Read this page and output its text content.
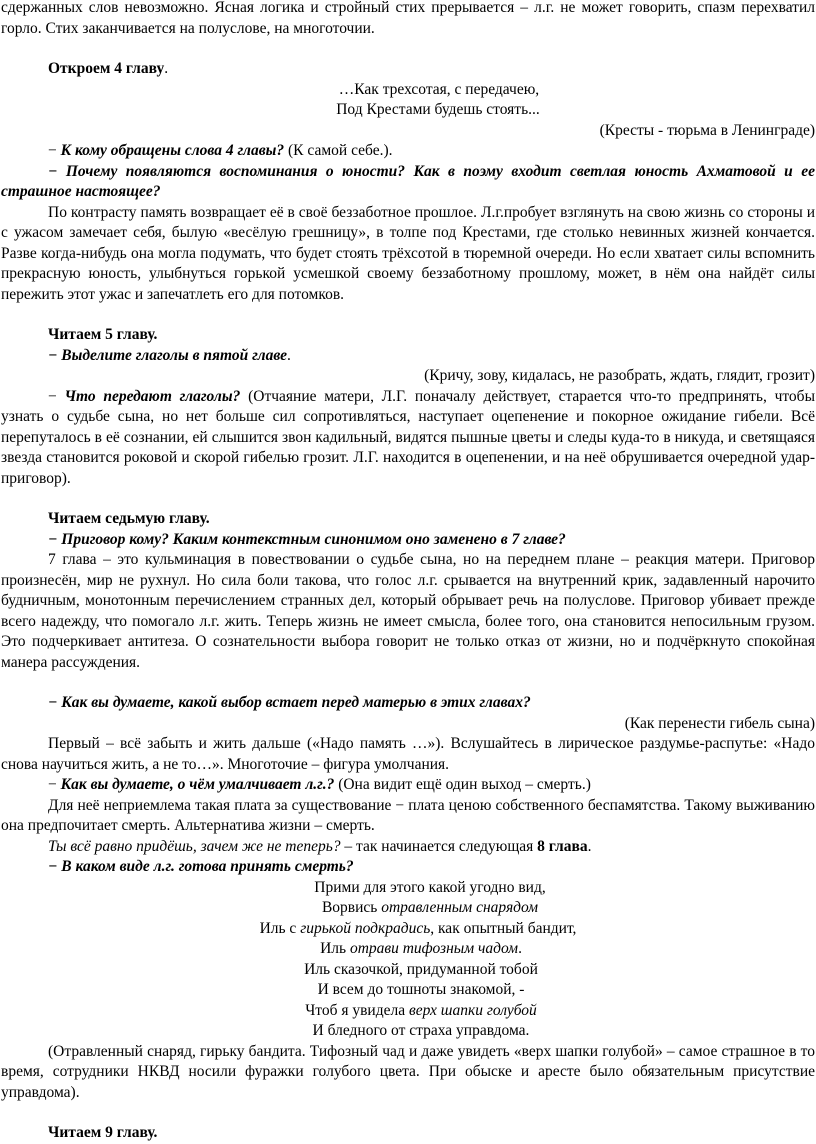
сдержанных слов невозможно. Ясная логика и стройный стих прерывается – л.г. не может говорить, спазм перехватил горло. Стих заканчивается на полуслове, на многоточии.

Откроем 4 главу.

…Как трехсотая, с передачею,

Под Крестами будешь стоять...

(Кресты - тюрьма в Ленинграде)

− К кому обращены слова 4 главы? (К самой себе.).

− Почему появляются воспоминания о юности? Как в поэму входит светлая юность Ахматовой и ее страшное настоящее?

По контрасту память возвращает её в своё беззаботное прошлое. Л.г.пробует взглянуть на свою жизнь со стороны и с ужасом замечает себя, былую «весёлую грешницу», в толпе под Крестами, где столько невинных жизней кончается. Разве когда-нибудь она могла подумать, что будет стоять трёхсотой в тюремной очереди. Но если хватает силы вспомнить прекрасную юность, улыбнуться горькой усмешкой своему беззаботному прошлому, может, в нём она найдёт силы пережить этот ужас и запечатлеть его для потомков.

Читаем 5 главу.

− Выделите глаголы в пятой главе.

(Кричу, зову, кидалась, не разобрать, ждать, глядит, грозит)

− Что передают глаголы? (Отчаяние матери, Л.Г. поначалу действует, старается что-то предпринять, чтобы узнать о судьбе сына, но нет больше сил сопротивляться, наступает оцепенение и покорное ожидание гибели. Всё перепуталось в её сознании, ей слышится звон кадильный, видятся пышные цветы и следы куда-то в никуда, и светящаяся звезда становится роковой и скорой гибелью грозит. Л.Г. находится в оцепенении, и на неё обрушивается очередной удар-приговор).

Читаем седьмую главу.

− Приговор кому? Каким контекстным синонимом оно заменено в 7 главе?

7 глава – это кульминация в повествовании о судьбе сына, но на переднем плане – реакция матери. Приговор произнесён, мир не рухнул. Но сила боли такова, что голос л.г. срывается на внутренний крик, задавленный нарочито будничным, монотонным перечислением странных дел, который обрывает речь на полуслове. Приговор убивает прежде всего надежду, что помогало л.г. жить. Теперь жизнь не имеет смысла, более того, она становится непосильным грузом. Это подчеркивает антитеза. О сознательности выбора говорит не только отказ от жизни, но и подчёркнуто спокойная манера рассуждения.

− Как вы думаете, какой выбор встает перед матерью в этих главах?

(Как перенести гибель сына)

Первый – всё забыть и жить дальше («Надо память …»). Вслушайтесь в лирическое раздумье-распутье: «Надо снова научиться жить, а не то…». Многоточие – фигура умолчания.

− Как вы думаете, о чём умалчивает л.г.? (Она видит ещё один выход – смерть.)

Для неё неприемлема такая плата за существование − плата ценою собственного беспамятства. Такому выживанию она предпочитает смерть. Альтернатива жизни – смерть.

Ты всё равно придёшь, зачем же не теперь? – так начинается следующая 8 глава.

− В каком виде л.г. готова принять смерть?

Прими для этого какой угодно вид,

Ворвись отравленным снарядом

Иль с гирькой подкрадись, как опытный бандит,

Иль отрави тифозным чадом.

Иль сказочкой, придуманной тобой

И всем до тошноты знакомой, -

Чтоб я увидела верх шапки голубой

И бледного от страха управдома.

(Отравленный снаряд, гирьку бандита. Тифозный чад и даже увидеть «верх шапки голубой» – самое страшное в то время, сотрудники НКВД носили фуражки голубого цвета. При обыске и аресте было обязательным присутствие управдома).

Читаем 9 главу.
